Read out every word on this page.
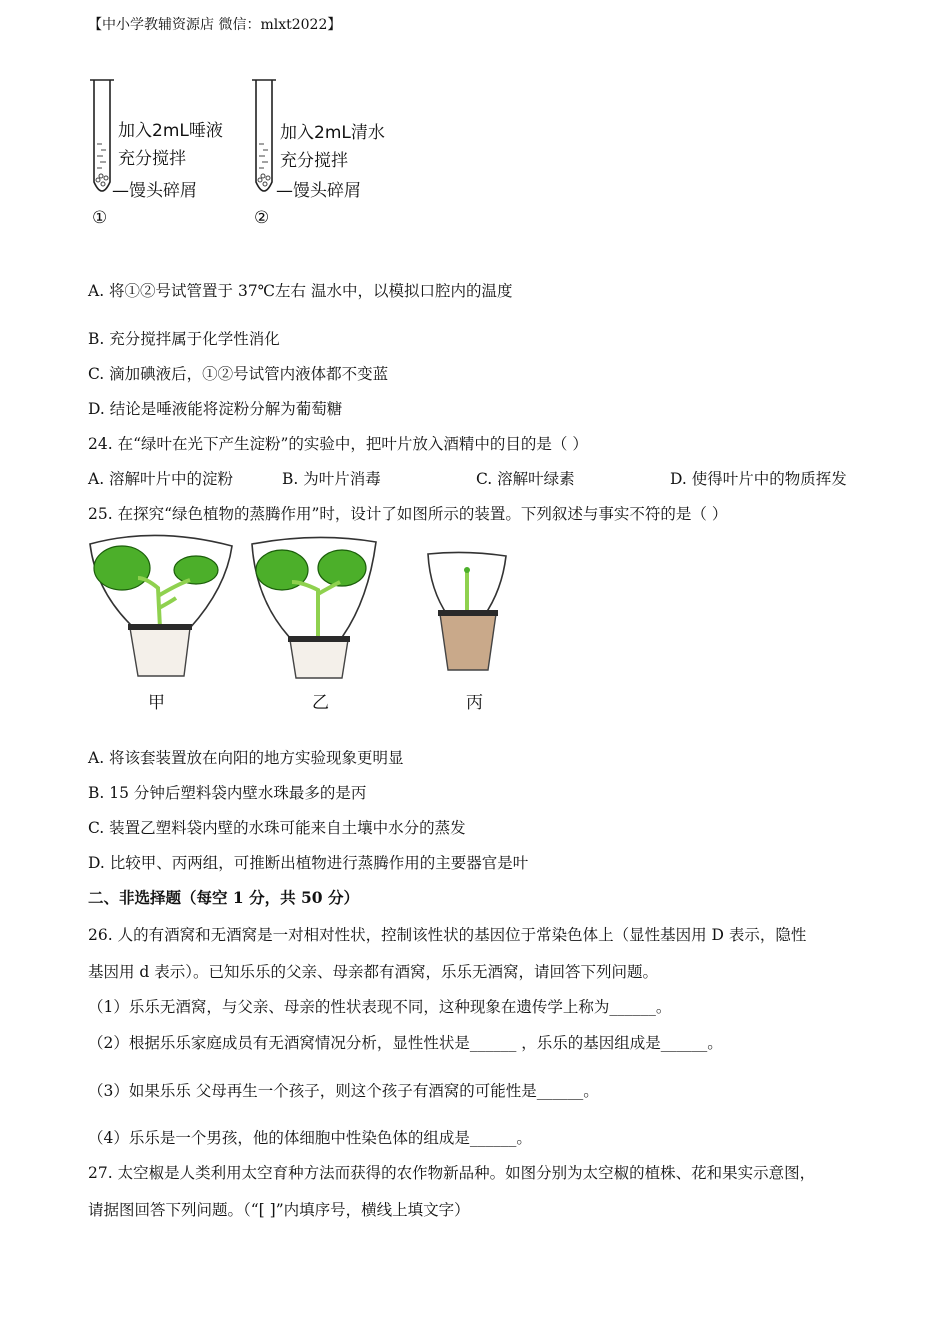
【中小学教辅资源店 微信：mlxt2022】
加入2mL唾液
充分搅拌
—馒头碎屑
①
加入2mL清水
充分搅拌
—馒头碎屑
②
A. 将①②号试管置于 37℃左右 温水中，以模拟口腔内的温度
B. 充分搅拌属于化学性消化
C. 滴加碘液后，①②号试管内液体都不变蓝
D. 结论是唾液能将淀粉分解为葡萄糖
24. 在“绿叶在光下产生淀粉”的实验中，把叶片放入酒精中的目的是（ ）
A. 溶解叶片中的淀粉	B. 为叶片消毒	C. 溶解叶绿素	D. 使得叶片中的物质挥发
25. 在探究“绿色植物的蒸腾作用”时，设计了如图所示的装置。下列叙述与事实不符的是（ ）
甲	乙	丙
A. 将该套装置放在向阳的地方实验现象更明显
B. 15 分钟后塑料袋内壁水珠最多的是丙
C. 装置乙塑料袋内壁的水珠可能来自土壤中水分的蒸发
D. 比较甲、丙两组，可推断出植物进行蒸腾作用的主要器官是叶
二、非选择题（每空 1 分，共 50 分）
26. 人的有酒窝和无酒窝是一对相对性状，控制该性状的基因位于常染色体上（显性基因用 D 表示，隐性
基因用 d 表示）。已知乐乐的父亲、母亲都有酒窝，乐乐无酒窝，请回答下列问题。
（1）乐乐无酒窝，与父亲、母亲的性状表现不同，这种现象在遗传学上称为______。
（2）根据乐乐家庭成员有无酒窝情况分析，显性性状是______ ，乐乐的基因组成是______。
（3）如果乐乐 父母再生一个孩子，则这个孩子有酒窝的可能性是______。
（4）乐乐是一个男孩，他的体细胞中性染色体的组成是______。
27. 太空椒是人类利用太空育种方法而获得的农作物新品种。如图分别为太空椒的植株、花和果实示意图，
请据图回答下列问题。（“[ ]”内填序号，横线上填文字）
